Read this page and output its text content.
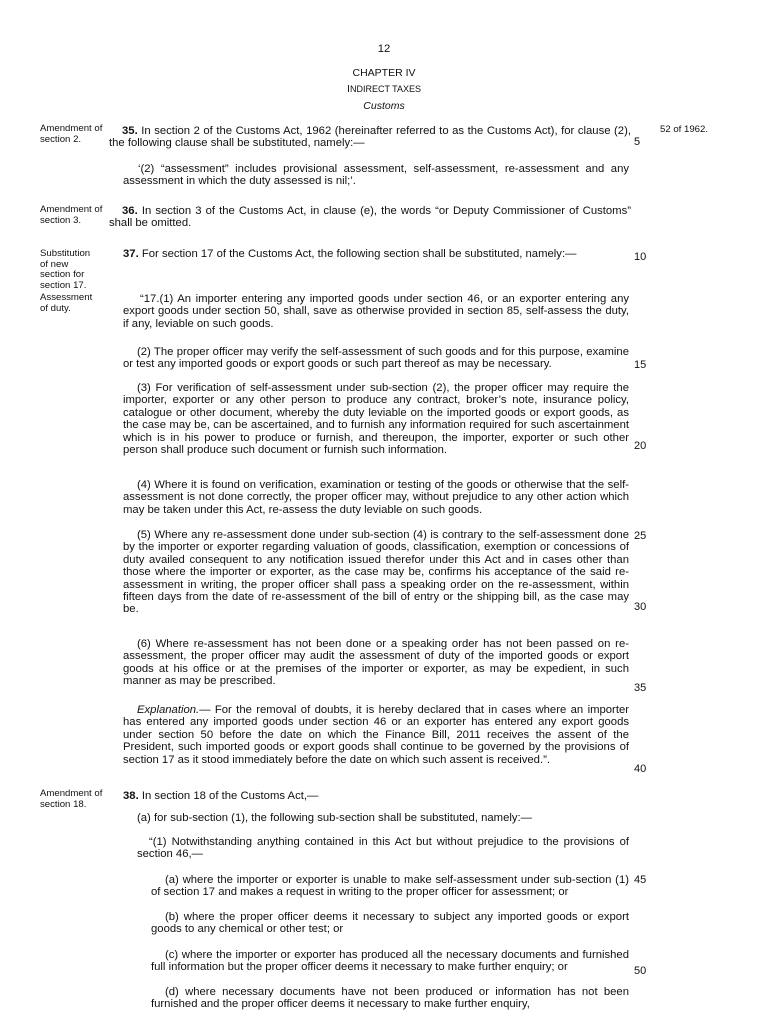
12
CHAPTER IV
INDIRECT TAXES
Customs
Amendment of section 2.
52 of 1962.
Amendment of section 3.
Substitution of new section for section 17.
Assessment of duty.
Amendment of section 18.
5
10
15
20
25
30
35
40
45
50
35. In section 2 of the Customs Act, 1962 (hereinafter referred to as the Customs Act), for clause (2), the following clause shall be substituted, namely:—
‘(2) “assessment” includes provisional assessment, self-assessment, re-assessment and any assessment in which the duty assessed is nil;’.
36. In section 3 of the Customs Act, in clause (e), the words “or Deputy Commissioner of Customs” shall be omitted.
37. For section 17 of the Customs Act, the following section shall be substituted, namely:—
“17.(1) An importer entering any imported goods under section 46, or an exporter entering any export goods under section 50, shall, save as otherwise provided in section 85, self-assess the duty, if any, leviable on such goods.
(2) The proper officer may verify the self-assessment of such goods and for this purpose, examine or test any imported goods or export goods or such part thereof as may be necessary.
(3) For verification of self-assessment under sub-section (2), the proper officer may require the importer, exporter or any other person to produce any contract, broker’s note, insurance policy, catalogue or other document, whereby the duty leviable on the imported goods or export goods, as the case may be, can be ascertained, and to furnish any information required for such ascertainment which is in his power to produce or furnish, and thereupon, the importer, exporter or such other person shall produce such document or furnish such information.
(4) Where it is found on verification, examination or testing of the goods or otherwise that the self-assessment is not done correctly, the proper officer may, without prejudice to any other action which may be taken under this Act, re-assess the duty leviable on such goods.
(5) Where any re-assessment done under sub-section (4) is contrary to the self-assessment done by the importer or exporter regarding valuation of goods, classification, exemption or concessions of duty availed consequent to any notification issued therefor under this Act and in cases other than those where the importer or exporter, as the case may be, confirms his acceptance of the said re-assessment in writing, the proper officer shall pass a speaking order on the re-assessment, within fifteen days from the date of re-assessment of the bill of entry or the shipping bill, as the case may be.
(6) Where re-assessment has not been done or a speaking order has not been passed on re-assessment, the proper officer may audit the assessment of duty of the imported goods or export goods at his office or at the premises of the importer or exporter, as may be expedient, in such manner as may be prescribed.
Explanation.— For the removal of doubts, it is hereby declared that in cases where an importer has entered any imported goods under section 46 or an exporter has entered any export goods under section 50 before the date on which the Finance Bill, 2011 receives the assent of the President, such imported goods or export goods shall continue to be governed by the provisions of section 17 as it stood immediately before the date on which such assent is received.”.
38. In section 18 of the Customs Act,—
(a) for sub-section (1), the following sub-section shall be substituted, namely:—
“(1) Notwithstanding anything contained in this Act but without prejudice to the provisions of section 46,—
(a) where the importer or exporter is unable to make self-assessment under sub-section (1) of section 17 and makes a request in writing to the proper officer for assessment; or
(b) where the proper officer deems it necessary to subject any imported goods or export goods to any chemical or other test; or
(c) where the importer or exporter has produced all the necessary documents and furnished full information but the proper officer deems it necessary to make further enquiry; or
(d) where necessary documents have not been produced or information has not been furnished and the proper officer deems it necessary to make further enquiry,
